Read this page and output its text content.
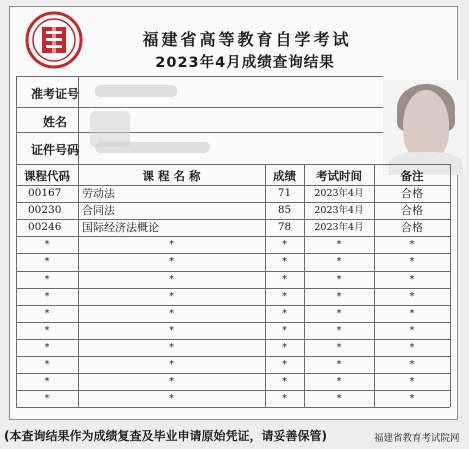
福建省高等教育自学考试
2023年4月成绩查询结果
准考证号
姓名
证件号码
课程代码	课 程 名 称	成绩	考试时间	备注
00167	劳动法	71	2023年4月	合格
00230	合同法	85	2023年4月	合格
00246	国际经济法概论	78	2023年4月	合格
*	*	*	*	*
*	*	*	*	*
*	*	*	*	*
*	*	*	*	*
*	*	*	*	*
*	*	*	*	*
*	*	*	*	*
*	*	*	*	*
*	*	*	*	*
*	*	*	*	*
(本查询结果作为成绩复查及毕业申请原始凭证，请妥善保管)	福建省教育考试院网
